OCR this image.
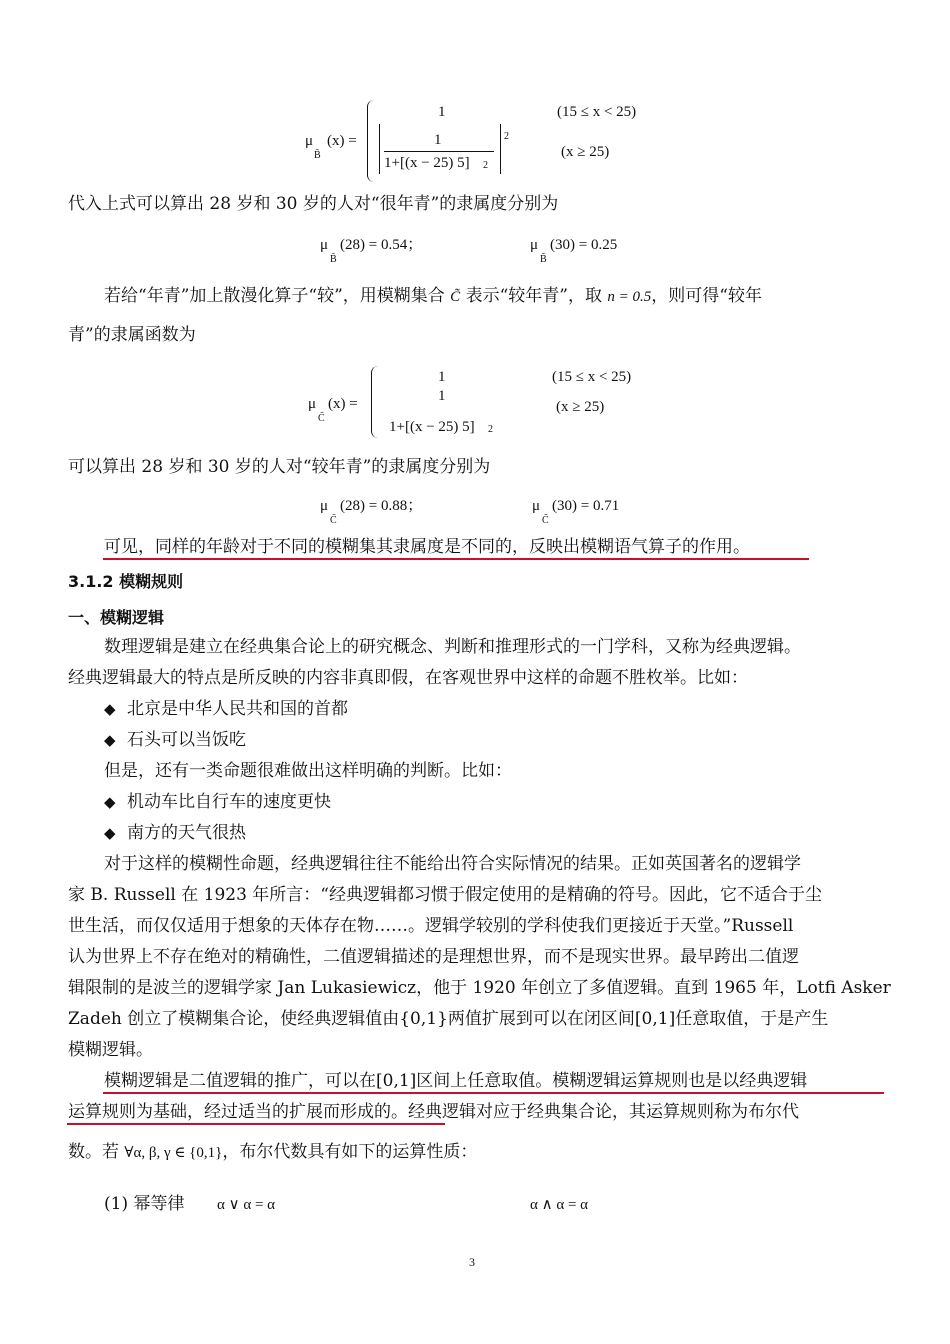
μ
B̃
(x) =
1	(15 ≤ x < 25)
1
1+[(x − 25) 5] 2
2
(x ≥ 25)
代入上式可以算出 28 岁和 30 岁的人对“很年青”的隶属度分别为
μ
B̃
(28) = 0.54；	μ
B̃
(30) = 0.25
若给“年青”加上散漫化算子“较”，用模糊集合 C̃ 表示“较年青”，取 n = 0.5，则可得“较年
青”的隶属函数为
μ
C̃
(x) =
1	(15 ≤ x < 25)
1
1+[(x − 25) 5] 2
(x ≥ 25)
可以算出 28 岁和 30 岁的人对“较年青”的隶属度分别为
μ
C̃
(28) = 0.88；	μ
C̃
(30) = 0.71
可见，同样的年龄对于不同的模糊集其隶属度是不同的，反映出模糊语气算子的作用。
3.1.2 模糊规则
一、模糊逻辑
数理逻辑是建立在经典集合论上的研究概念、判断和推理形式的一门学科，又称为经典逻辑。
经典逻辑最大的特点是所反映的内容非真即假，在客观世界中这样的命题不胜枚举。比如：
◆ 北京是中华人民共和国的首都
◆ 石头可以当饭吃
但是，还有一类命题很难做出这样明确的判断。比如：
◆ 机动车比自行车的速度更快
◆ 南方的天气很热
对于这样的模糊性命题，经典逻辑往往不能给出符合实际情况的结果。正如英国著名的逻辑学
家 B. Russell 在 1923 年所言：“经典逻辑都习惯于假定使用的是精确的符号。因此，它不适合于尘
世生活，而仅仅适用于想象的天体存在物……。逻辑学较别的学科使我们更接近于天堂。”Russell
认为世界上不存在绝对的精确性，二值逻辑描述的是理想世界，而不是现实世界。最早跨出二值逻
辑限制的是波兰的逻辑学家 Jan Lukasiewicz，他于 1920 年创立了多值逻辑。直到 1965 年，Lotfi Asker
Zadeh 创立了模糊集合论，使经典逻辑值由{0,1}两值扩展到可以在闭区间[0,1]任意取值，于是产生
模糊逻辑。
模糊逻辑是二值逻辑的推广，可以在[0,1]区间上任意取值。模糊逻辑运算规则也是以经典逻辑
运算规则为基础，经过适当的扩展而形成的。经典逻辑对应于经典集合论，其运算规则称为布尔代
数。若 ∀α, β, γ ∈ {0,1}，布尔代数具有如下的运算性质：
(1) 幂等律 α ∨ α = α	α ∧ α = α
3
